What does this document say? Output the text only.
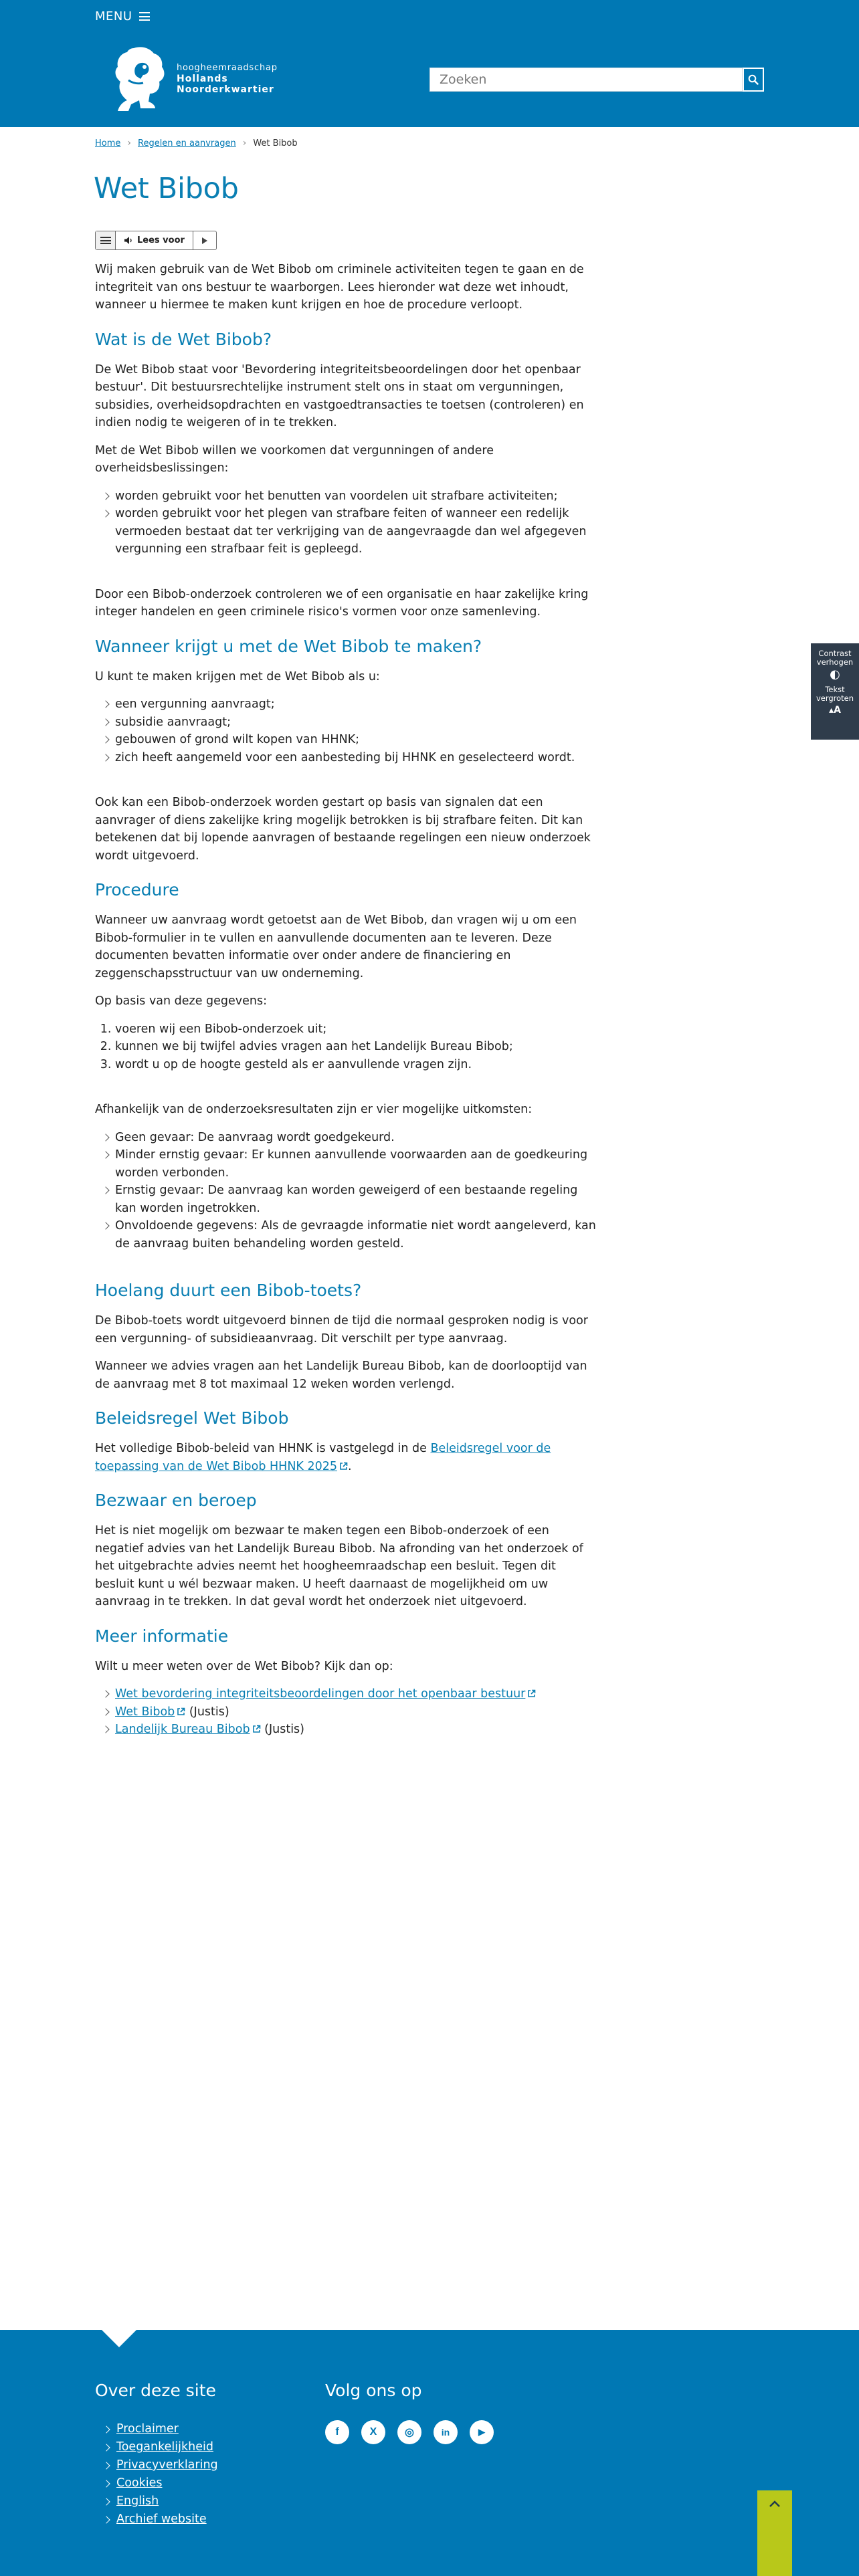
MENU
hoogheemraadschap
Hollands
Noorderkwartier
Zoeken
Home › Regelen en aanvragen › Wet Bibob
Wet Bibob
Lees voor

Wij maken gebruik van de Wet Bibob om criminele activiteiten tegen te gaan en de integriteit van ons bestuur te waarborgen. Lees hieronder wat deze wet inhoudt, wanneer u hiermee te maken kunt krijgen en hoe de procedure verloopt.

Wat is de Wet Bibob?

De Wet Bibob staat voor 'Bevordering integriteitsbeoordelingen door het openbaar bestuur'. Dit bestuursrechtelijke instrument stelt ons in staat om vergunningen, subsidies, overheidsopdrachten en vastgoedtransacties te toetsen (controleren) en indien nodig te weigeren of in te trekken.

Met de Wet Bibob willen we voorkomen dat vergunningen of andere overheidsbeslissingen:

worden gebruikt voor het benutten van voordelen uit strafbare activiteiten;
worden gebruikt voor het plegen van strafbare feiten of wanneer een redelijk vermoeden bestaat dat ter verkrijging van de aangevraagde dan wel afgegeven vergunning een strafbaar feit is gepleegd.

Door een Bibob-onderzoek controleren we of een organisatie en haar zakelijke kring integer handelen en geen criminele risico's vormen voor onze samenleving.

Wanneer krijgt u met de Wet Bibob te maken?

U kunt te maken krijgen met de Wet Bibob als u:

een vergunning aanvraagt;
subsidie aanvraagt;
gebouwen of grond wilt kopen van HHNK;
zich heeft aangemeld voor een aanbesteding bij HHNK en geselecteerd wordt.

Ook kan een Bibob-onderzoek worden gestart op basis van signalen dat een aanvrager of diens zakelijke kring mogelijk betrokken is bij strafbare feiten. Dit kan betekenen dat bij lopende aanvragen of bestaande regelingen een nieuw onderzoek wordt uitgevoerd.

Procedure

Wanneer uw aanvraag wordt getoetst aan de Wet Bibob, dan vragen wij u om een Bibob-formulier in te vullen en aanvullende documenten aan te leveren. Deze documenten bevatten informatie over onder andere de financiering en zeggenschapsstructuur van uw onderneming.

Op basis van deze gegevens:

1. voeren wij een Bibob-onderzoek uit;
2. kunnen we bij twijfel advies vragen aan het Landelijk Bureau Bibob;
3. wordt u op de hoogte gesteld als er aanvullende vragen zijn.

Afhankelijk van de onderzoeksresultaten zijn er vier mogelijke uitkomsten:

Geen gevaar: De aanvraag wordt goedgekeurd.
Minder ernstig gevaar: Er kunnen aanvullende voorwaarden aan de goedkeuring worden verbonden.
Ernstig gevaar: De aanvraag kan worden geweigerd of een bestaande regeling kan worden ingetrokken.
Onvoldoende gegevens: Als de gevraagde informatie niet wordt aangeleverd, kan de aanvraag buiten behandeling worden gesteld.
Hoelang duurt een Bibob-toets?

De Bibob-toets wordt uitgevoerd binnen de tijd die normaal gesproken nodig is voor een vergunning- of subsidieaanvraag. Dit verschilt per type aanvraag.

Wanneer we advies vragen aan het Landelijk Bureau Bibob, kan de doorlooptijd van de aanvraag met 8 tot maximaal 12 weken worden verlengd.

Beleidsregel Wet Bibob

Het volledige Bibob-beleid van HHNK is vastgelegd in de Beleidsregel voor de toepassing van de Wet Bibob HHNK 2025 .

Bezwaar en beroep

Het is niet mogelijk om bezwaar te maken tegen een Bibob-onderzoek of een negatief advies van het Landelijk Bureau Bibob. Na afronding van het onderzoek of het uitgebrachte advies neemt het hoogheemraadschap een besluit. Tegen dit besluit kunt u wél bezwaar maken. U heeft daarnaast de mogelijkheid om uw aanvraag in te trekken. In dat geval wordt het onderzoek niet uitgevoerd.

Meer informatie

Wilt u meer weten over de Wet Bibob? Kijk dan op:

Wet bevordering integriteitsbeoordelingen door het openbaar bestuur
Wet Bibob (Justis)
Landelijk Bureau Bibob (Justis)
Contrast verhogen
◐
Tekst vergroten
▴A
Over deze site
Proclaimer
Toegankelijkheid
Privacyverklaring
Cookies
English
Archief website
Volg ons op
f	X	◎	in	▶
